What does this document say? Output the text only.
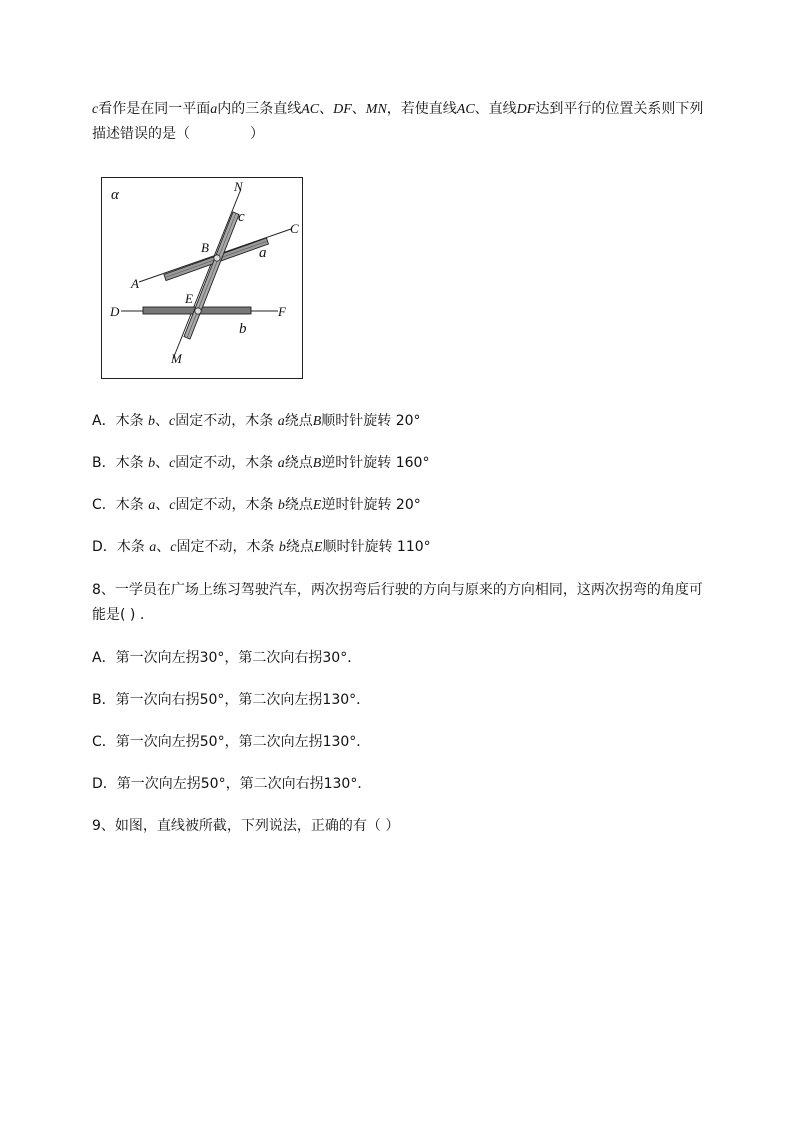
c看作是在同一平面a内的三条直线AC、DF、MN，若使直线AC、直线DF达到平行的位置关系则下列
描述错误的是（	）
α
N
c
C
B	a
A
E
D	F
b
M
A．木条 b、c固定不动，木条 a绕点B顺时针旋转 20°
B．木条 b、c固定不动，木条 a绕点B逆时针旋转 160°
C．木条 a、c固定不动，木条 b绕点E逆时针旋转 20°
D．木条 a、c固定不动，木条 b绕点E顺时针旋转 110°
8、一学员在广场上练习驾驶汽车，两次拐弯后行驶的方向与原来的方向相同，这两次拐弯的角度可
能是( ) .
A．第一次向左拐30°，第二次向右拐30°．
B．第一次向右拐50°，第二次向左拐130°．
C．第一次向左拐50°，第二次向左拐130°．
D．第一次向左拐50°，第二次向右拐130°．
9、如图，直线被所截，下列说法，正确的有（ ）
